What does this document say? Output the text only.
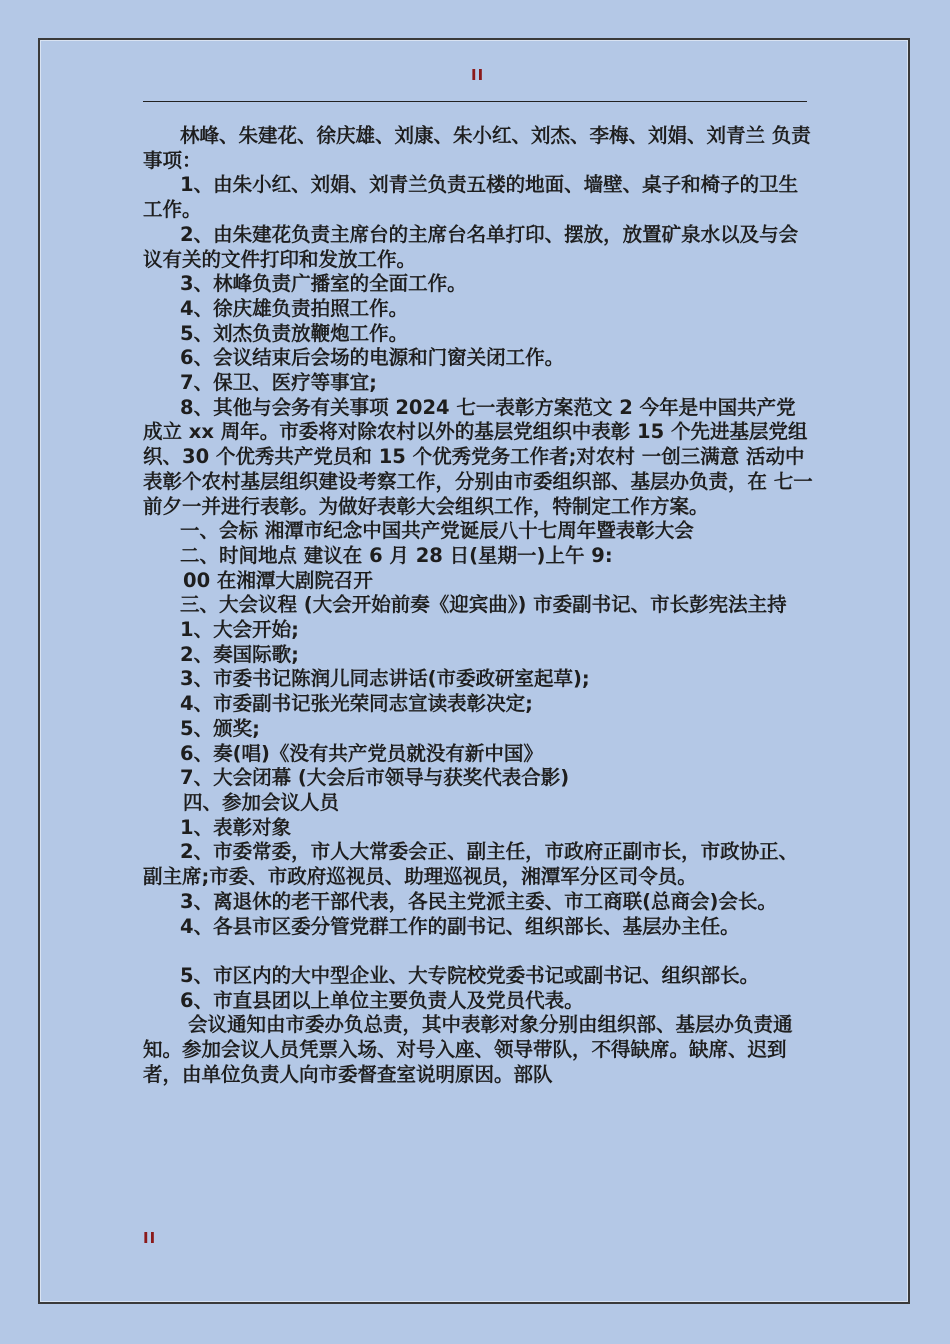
II

林峰、朱建花、徐庆雄、刘康、朱小红、刘杰、李梅、刘娟、刘青兰 负责事项：

1、由朱小红、刘娟、刘青兰负责五楼的地面、墙壁、桌子和椅子的卫生工作。

2、由朱建花负责主席台的主席台名单打印、摆放，放置矿泉水以及与会议有关的文件打印和发放工作。

3、林峰负责广播室的全面工作。

4、徐庆雄负责拍照工作。

5、刘杰负责放鞭炮工作。

6、会议结束后会场的电源和门窗关闭工作。

7、保卫、医疗等事宜;

8、其他与会务有关事项 2024 七一表彰方案范文 2 今年是中国共产党成立 xx 周年。市委将对除农村以外的基层党组织中表彰 15 个先进基层党组织、30 个优秀共产党员和 15 个优秀党务工作者;对农村 一创三满意 活动中表彰个农村基层组织建设考察工作，分别由市委组织部、基层办负责，在 七一 前夕一并进行表彰。为做好表彰大会组织工作，特制定工作方案。

一、会标 湘潭市纪念中国共产党诞辰八十七周年暨表彰大会

二、时间地点 建议在 6 月 28 日(星期一)上午 9:

00 在湘潭大剧院召开

三、大会议程 (大会开始前奏《迎宾曲》) 市委副书记、市长彭宪法主持

1、大会开始;

2、奏国际歌;

3、市委书记陈润儿同志讲话(市委政研室起草);

4、市委副书记张光荣同志宣读表彰决定;

5、颁奖;

6、奏(唱)《没有共产党员就没有新中国》

7、大会闭幕 (大会后市领导与获奖代表合影)

四、参加会议人员

1、表彰对象

2、市委常委，市人大常委会正、副主任，市政府正副市长，市政协正、副主席;市委、市政府巡视员、助理巡视员，湘潭军分区司令员。

3、离退休的老干部代表，各民主党派主委、市工商联(总商会)会长。

4、各县市区委分管党群工作的副书记、组织部长、基层办主任。

5、市区内的大中型企业、大专院校党委书记或副书记、组织部长。

6、市直县团以上单位主要负责人及党员代表。

会议通知由市委办负总责，其中表彰对象分别由组织部、基层办负责通知。参加会议人员凭票入场、对号入座、领导带队，不得缺席。缺席、迟到者，由单位负责人向市委督查室说明原因。部队

II
